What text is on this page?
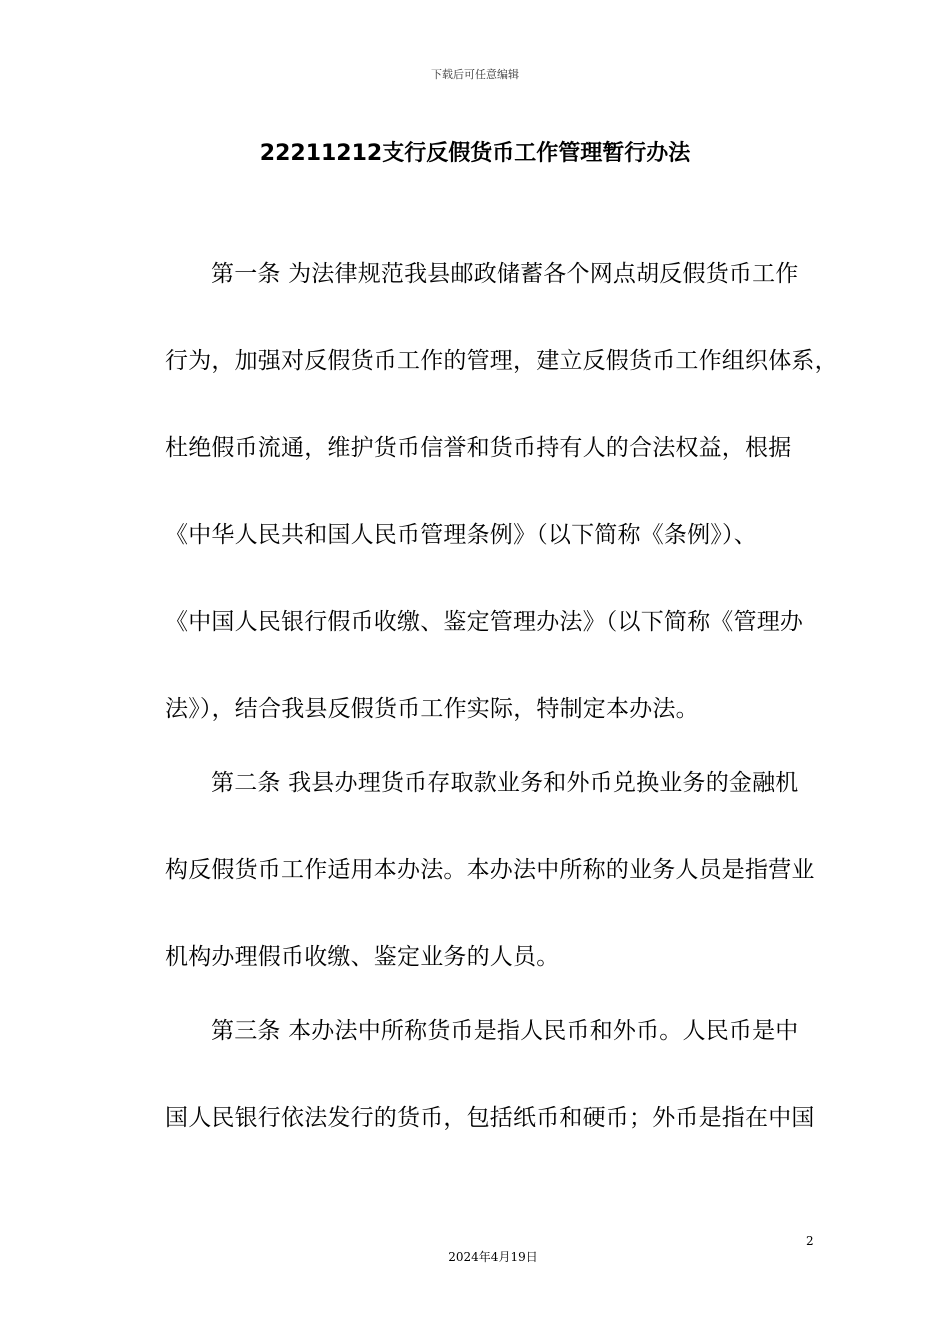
下载后可任意编辑
22211212支行反假货币工作管理暂行办法
第一条 为法律规范我县邮政储蓄各个网点胡反假货币工作
行为，加强对反假货币工作的管理，建立反假货币工作组织体系，
杜绝假币流通，维护货币信誉和货币持有人的合法权益，根据
《中华人民共和国人民币管理条例》（以下简称《条例》）、
《中国人民银行假币收缴、鉴定管理办法》（以下简称《管理办
法》），结合我县反假货币工作实际，特制定本办法。
第二条 我县办理货币存取款业务和外币兑换业务的金融机
构反假货币工作适用本办法。本办法中所称的业务人员是指营业
机构办理假币收缴、鉴定业务的人员。
第三条 本办法中所称货币是指人民币和外币。人民币是中
国人民银行依法发行的货币，包括纸币和硬币；外币是指在中国
2
2024年4月19日
